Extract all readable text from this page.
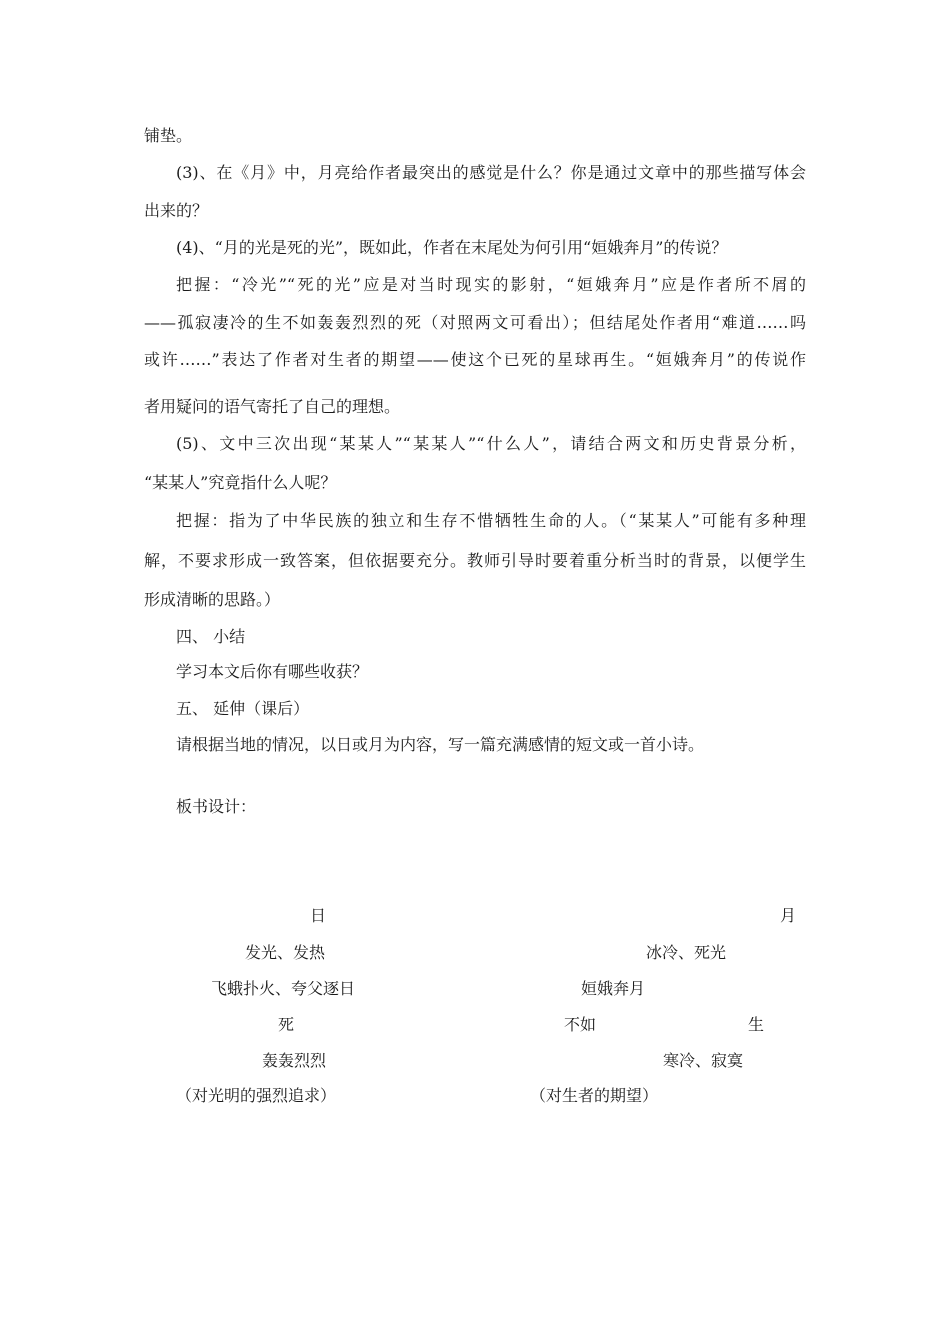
铺垫。
(3)、在《月》中，月亮给作者最突出的感觉是什么？你是通过文章中的那些描写体会
出来的？
(4)、“月的光是死的光”，既如此，作者在末尾处为何引用“姮娥奔月”的传说？
把握：“冷光”“死的光”应是对当时现实的影射，“姮娥奔月”应是作者所不屑的
——孤寂凄冷的生不如轰轰烈烈的死（对照两文可看出）；但结尾处作者用“难道……吗
或许……”表达了作者对生者的期望——使这个已死的星球再生。“姮娥奔月”的传说作
者用疑问的语气寄托了自己的理想。
(5)、文中三次出现“某某人”“某某人”“什么人”，请结合两文和历史背景分析，
“某某人”究竟指什么人呢？
把握：指为了中华民族的独立和生存不惜牺牲生命的人。（“某某人”可能有多种理
解，不要求形成一致答案，但依据要充分。教师引导时要着重分析当时的背景，以便学生
形成清晰的思路。）
四、 小结
学习本文后你有哪些收获？
五、 延伸（课后）
请根据当地的情况，以日或月为内容，写一篇充满感情的短文或一首小诗。
板书设计：
日	月
发光、发热	冰冷、死光
飞蛾扑火、夸父逐日	姮娥奔月
死	不如	生
轰轰烈烈	寒冷、寂寞
（对光明的强烈追求）	（对生者的期望）
